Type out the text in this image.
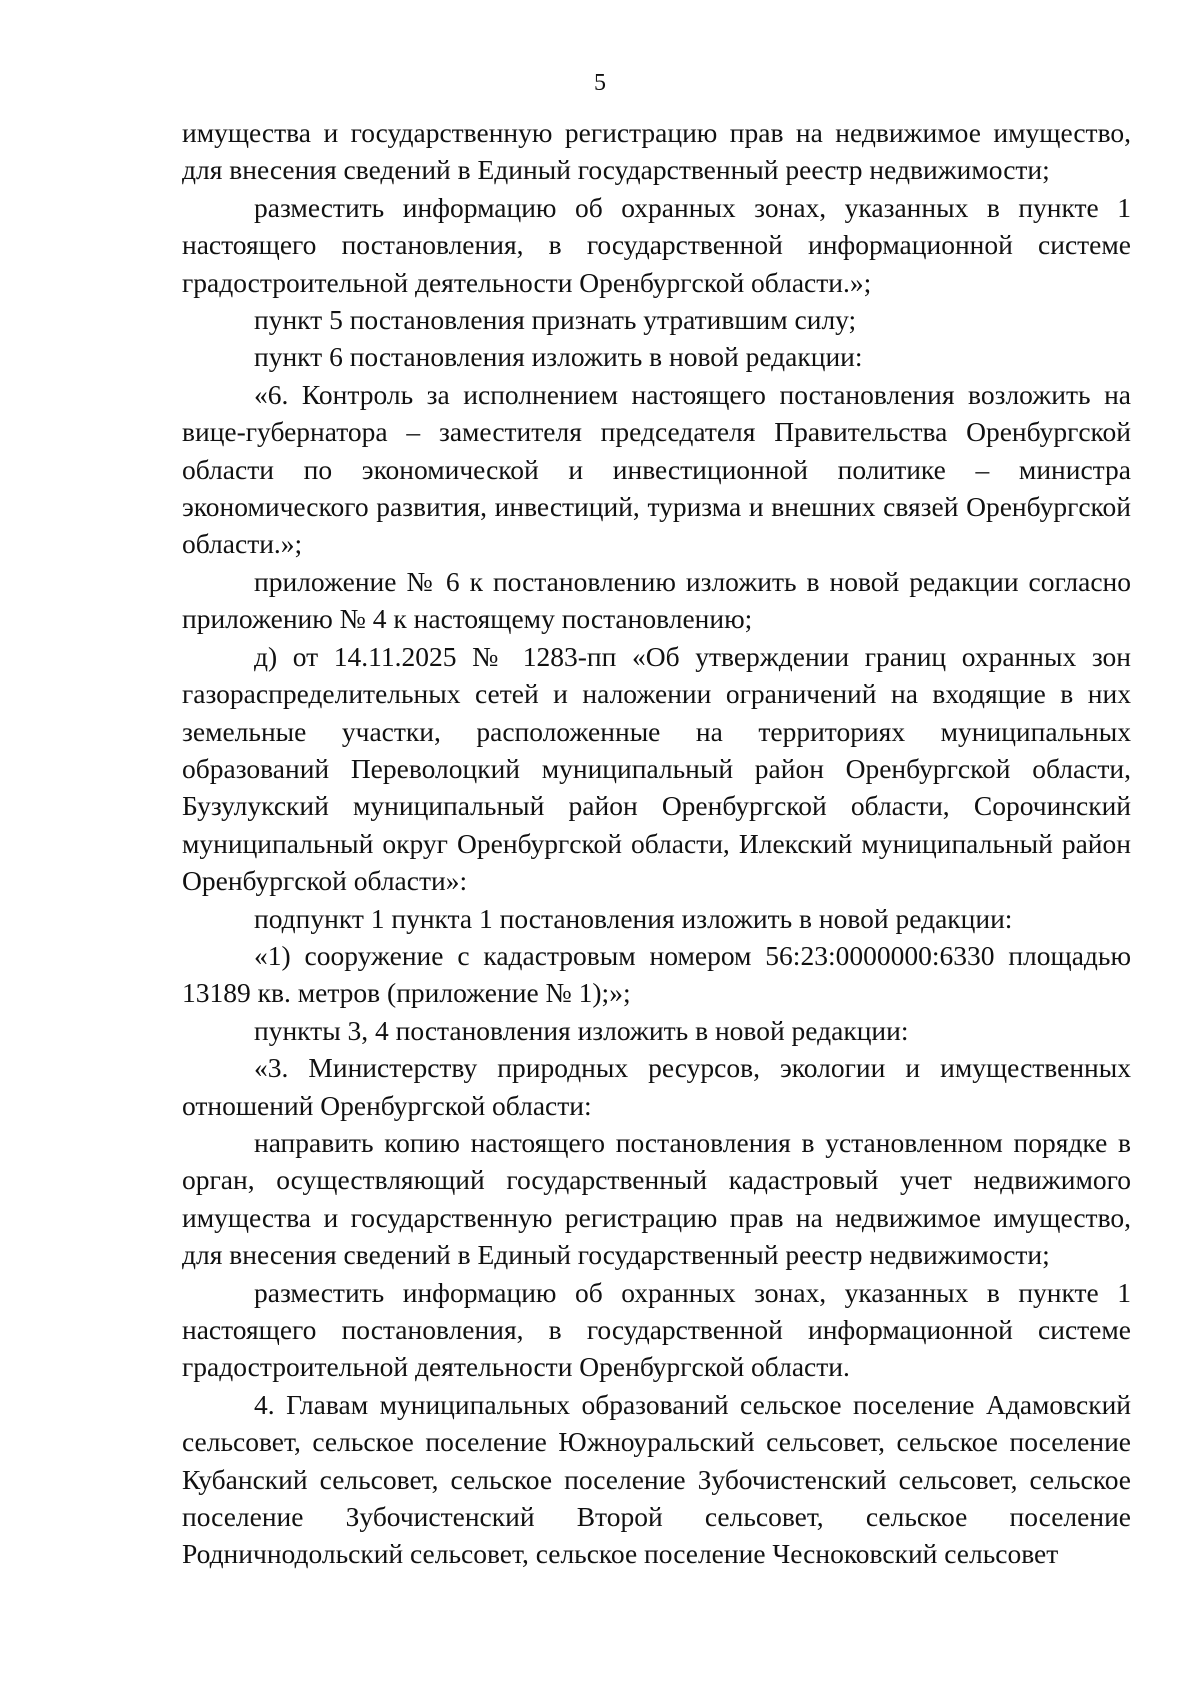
5

имущества и государственную регистрацию прав на недвижимое имущество, для внесения сведений в Единый государственный реестр недвижимости;

разместить информацию об охранных зонах, указанных в пункте 1 настоящего постановления, в государственной информационной системе градостроительной деятельности Оренбургской области.»;

пункт 5 постановления признать утратившим силу;

пункт 6 постановления изложить в новой редакции:

«6. Контроль за исполнением настоящего постановления возложить на вице-губернатора – заместителя председателя Правительства Оренбургской области по экономической и инвестиционной политике – министра экономического развития, инвестиций, туризма и внешних связей Оренбургской области.»;

приложение № 6 к постановлению изложить в новой редакции согласно приложению № 4 к настоящему постановлению;

д) от 14.11.2025 № 1283-пп «Об утверждении границ охранных зон газораспределительных сетей и наложении ограничений на входящие в них земельные участки, расположенные на территориях муниципальных образований Переволоцкий муниципальный район Оренбургской области, Бузулукский муниципальный район Оренбургской области, Сорочинский муниципальный округ Оренбургской области, Илекский муниципальный район Оренбургской области»:

подпункт 1 пункта 1 постановления изложить в новой редакции:

«1) сооружение с кадастровым номером 56:23:0000000:6330 площадью 13189 кв. метров (приложение № 1);»;

пункты 3, 4 постановления изложить в новой редакции:

«3. Министерству природных ресурсов, экологии и имущественных отношений Оренбургской области:

направить копию настоящего постановления в установленном порядке в орган, осуществляющий государственный кадастровый учет недвижимого имущества и государственную регистрацию прав на недвижимое имущество, для внесения сведений в Единый государственный реестр недвижимости;

разместить информацию об охранных зонах, указанных в пункте 1 настоящего постановления, в государственной информационной системе градостроительной деятельности Оренбургской области.

4. Главам муниципальных образований сельское поселение Адамовский сельсовет, сельское поселение Южноуральский сельсовет, сельское поселение Кубанский сельсовет, сельское поселение Зубочистенский сельсовет, сельское поселение Зубочистенский Второй сельсовет, сельское поселение Родничнодольский сельсовет, сельское поселение Чесноковский сельсовет
